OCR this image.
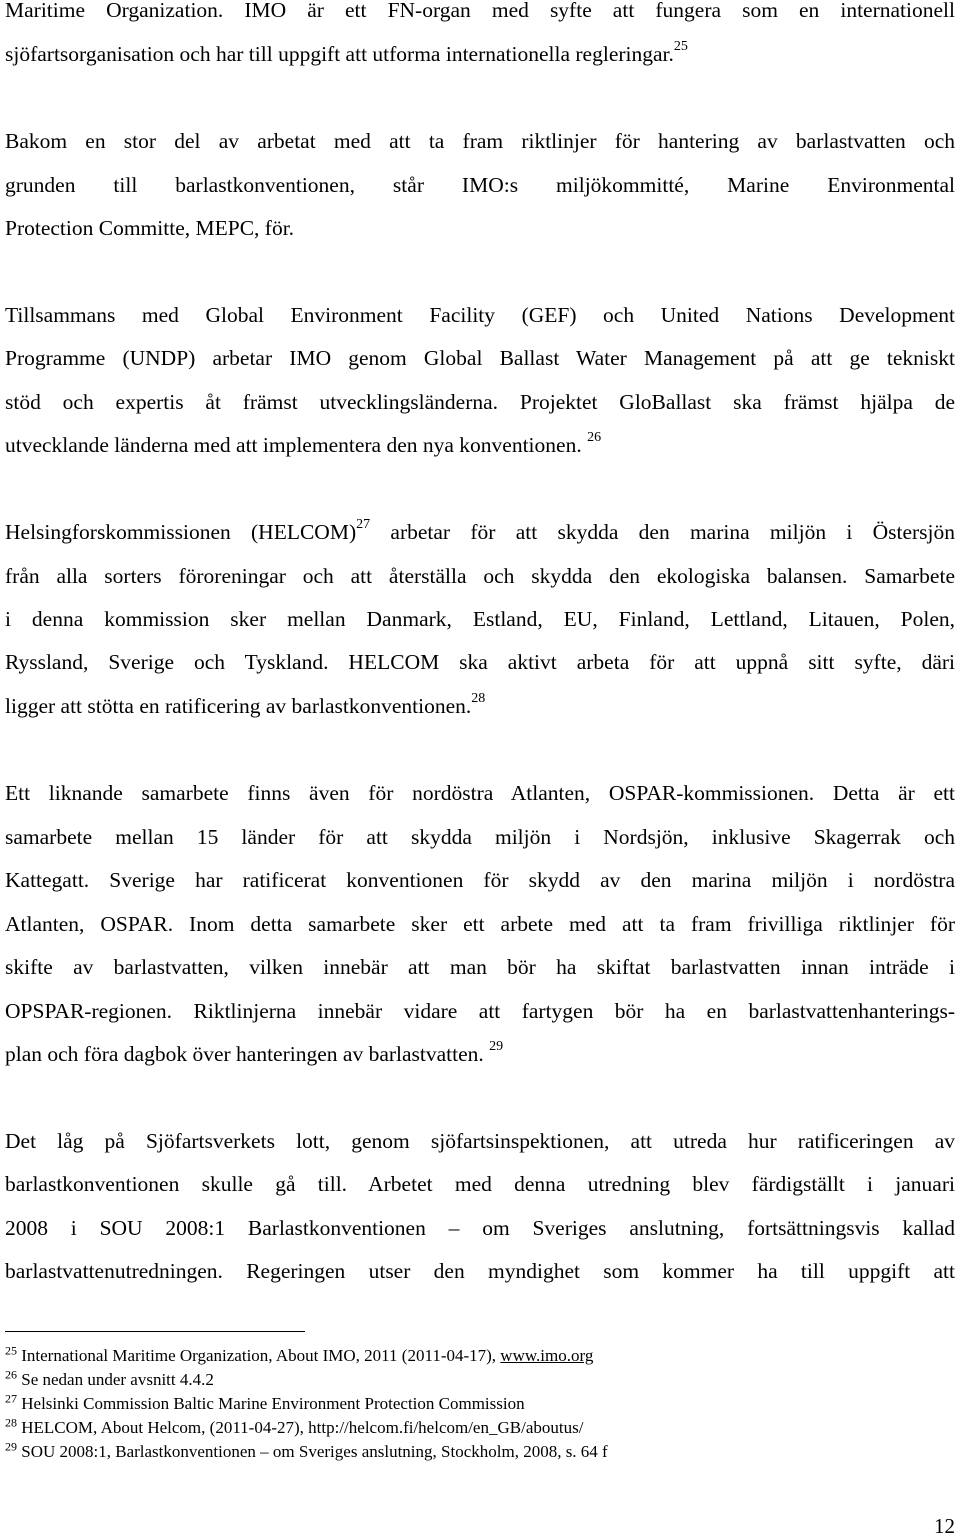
Maritime Organization. IMO är ett FN-organ med syfte att fungera som en internationell
sjöfartsorganisation och har till uppgift att utforma internationella regleringar.$^{25}$
Bakom en stor del av arbetat med att ta fram riktlinjer för hantering av barlastvatten och
grunden till barlastkonventionen, står IMO:s miljökommitté, Marine Environmental
Protection Committe, MEPC, för.
Tillsammans med Global Environment Facility (GEF) och United Nations Development
Programme (UNDP) arbetar IMO genom Global Ballast Water Management på att ge tekniskt
stöd och expertis åt främst utvecklingsländerna. Projektet GloBallast ska främst hjälpa de
utvecklande länderna med att implementera den nya konventionen. $^{26}$
Helsingforskommissionen (HELCOM)$^{27}$ arbetar för att skydda den marina miljön i Östersjön
från alla sorters föroreningar och att återställa och skydda den ekologiska balansen. Samarbete
i denna kommission sker mellan Danmark, Estland, EU, Finland, Lettland, Litauen, Polen,
Ryssland, Sverige och Tyskland. HELCOM ska aktivt arbeta för att uppnå sitt syfte, däri
ligger att stötta en ratificering av barlastkonventionen.$^{28}$
Ett liknande samarbete finns även för nordöstra Atlanten, OSPAR-kommissionen. Detta är ett
samarbete mellan 15 länder för att skydda miljön i Nordsjön, inklusive Skagerrak och
Kattegatt. Sverige har ratificerat konventionen för skydd av den marina miljön i nordöstra
Atlanten, OSPAR. Inom detta samarbete sker ett arbete med att ta fram frivilliga riktlinjer för
skifte av barlastvatten, vilken innebär att man bör ha skiftat barlastvatten innan inträde i
OPSPAR-regionen. Riktlinjerna innebär vidare att fartygen bör ha en barlastvattenhanterings-
plan och föra dagbok över hanteringen av barlastvatten. $^{29}$
Det låg på Sjöfartsverkets lott, genom sjöfartsinspektionen, att utreda hur ratificeringen av
barlastkonventionen skulle gå till. Arbetet med denna utredning blev färdigställt i januari
2008 i SOU 2008:1 Barlastkonventionen – om Sveriges anslutning, fortsättningsvis kallad
barlastvattenutredningen. Regeringen utser den myndighet som kommer ha till uppgift att
$^{25}$ International Maritime Organization, About IMO, 2011 (2011-04-17), www.imo.org
$^{26}$ Se nedan under avsnitt 4.4.2
$^{27}$ Helsinki Commission Baltic Marine Environment Protection Commission
$^{28}$ HELCOM, About Helcom, (2011-04-27), http://helcom.fi/helcom/en_GB/aboutus/
$^{29}$ SOU 2008:1, Barlastkonventionen – om Sveriges anslutning, Stockholm, 2008, s. 64 f
12
